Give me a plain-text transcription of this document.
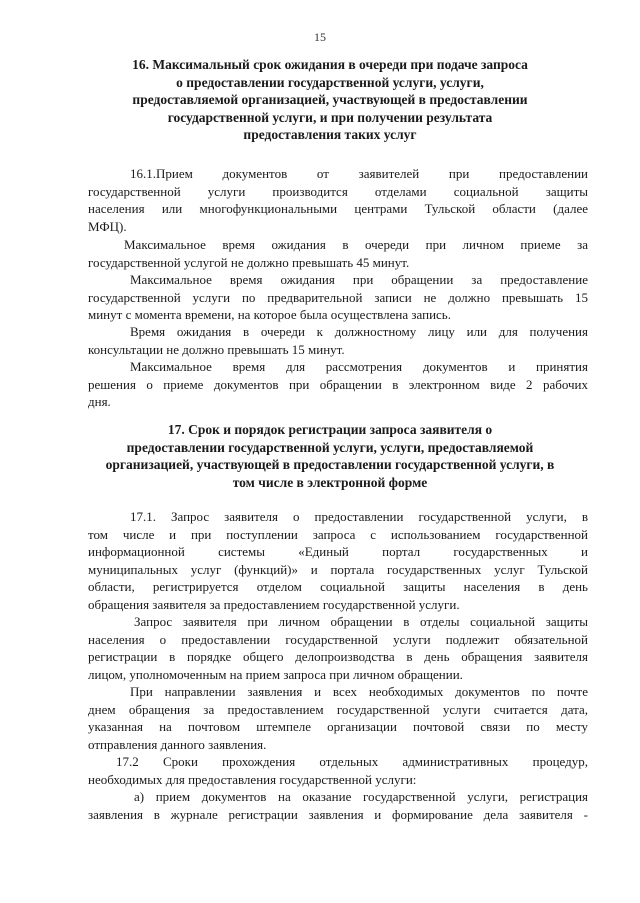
15
16. Максимальный срок ожидания в очереди при подаче запроса
о предоставлении государственной услуги, услуги,
предоставляемой организацией, участвующей в предоставлении
государственной услуги, и при получении результата
предоставления таких услуг
16.1.Прием документов от заявителей при предоставлении
государственной услуги производится отделами социальной защиты
населения или многофункциональными центрами Тульской области (далее
МФЦ).
Максимальное время ожидания в очереди при личном приеме за
государственной услугой не должно превышать 45 минут.
Максимальное время ожидания при обращении за предоставление
государственной услуги по предварительной записи не должно превышать 15
минут с момента времени, на которое была осуществлена запись.
Время ожидания в очереди к должностному лицу или для получения
консультации не должно превышать 15 минут.
Максимальное время для рассмотрения документов и принятия
решения о приеме документов при обращении в электронном виде 2 рабочих
дня.
17. Срок и порядок регистрации запроса заявителя о
предоставлении государственной услуги, услуги, предоставляемой
организацией, участвующей в предоставлении государственной услуги, в
том числе в электронной форме
17.1. Запрос заявителя о предоставлении государственной услуги, в
том числе и при поступлении запроса с использованием государственной
информационной системы «Единый портал государственных и
муниципальных услуг (функций)» и портала государственных услуг Тульской
области, регистрируется отделом социальной защиты населения в день
обращения заявителя за предоставлением государственной услуги.
Запрос заявителя при личном обращении в отделы социальной защиты
населения о предоставлении государственной услуги подлежит обязательной
регистрации в порядке общего делопроизводства в день обращения заявителя
лицом, уполномоченным на прием запроса при личном обращении.
При направлении заявления и всех необходимых документов по почте
днем обращения за предоставлением государственной услуги считается дата,
указанная на почтовом штемпеле организации почтовой связи по месту
отправления данного заявления.
17.2 Сроки прохождения отдельных административных процедур,
необходимых для предоставления государственной услуги:
а) прием документов на оказание государственной услуги, регистрация
заявления в журнале регистрации заявления и формирование дела заявителя -
